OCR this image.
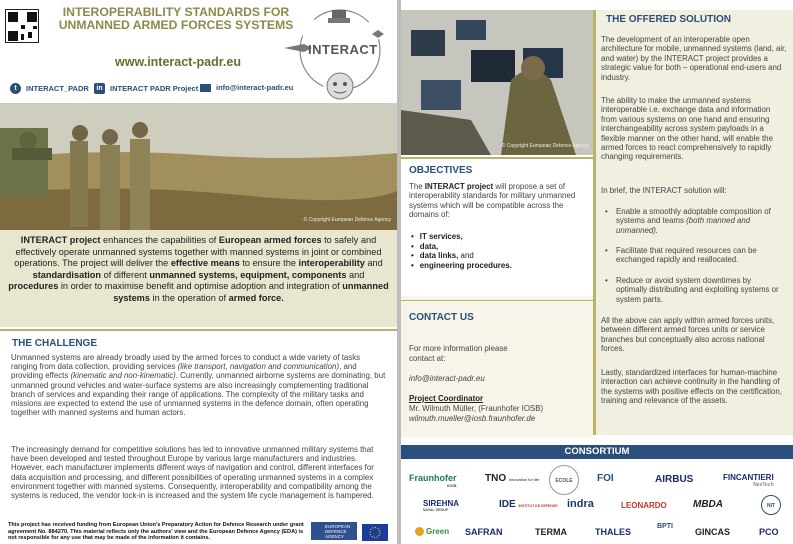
INTEROPERABILITY STANDARDS FOR UNMANNED ARMED FORCES SYSTEMS
www.interact-padr.eu
INTERACT
t	INTERACT_PADR	in INTERACT PADR Project info@interact-padr.eu
© Copyright European Defence Agency
INTERACT project enhances the capabilities of European armed forces to safely and effectively operate unmanned systems together with manned systems in joint or combined operations. The project will deliver the effective means to ensure the interoperability and standardisation of different unmanned systems, equipment, components and procedures in order to maximise benefit and optimise adoption and integration of unmanned systems in the operation of armed force.
THE CHALLENGE
Unmanned systems are already broadly used by the armed forces to conduct a wide variety of tasks ranging from data collection, providing services (like transport, navigation and communication), and providing effects (kinematic and non-kinematic). Currently, unmanned airborne systems are dominating, but unmanned ground vehicles and water-surface systems are also increasingly complementing traditional branch of services and expanding their range of applications. The complexity of the military tasks and missions are expected to extend the use of unmanned systems in the defence domain, often operating together with manned systems and human actors.
The increasingly demand for competitive solutions has led to innovative unmanned military systems that have been developed and tested throughout Europe by various large manufacturers and industries. However, each manufacturer implements different ways of navigation and control, different interfaces for data acquisition and processing, and different possibilities of operating unmanned systems in a complex environment together with manned systems. Consequently, interoperability and compatibility among the systems is reduced, the vendor lock-in is increased and the system life cycle management is hampered.
This project has received funding from European Union's Preparatory Action for Defence Research under grant agreement No. 884270. This material reflects only the authors' view and the European Defence Agency (EDA) is not responsible for any use that may be made of the information it contains.
EUROPEAN DEFENCE AGENCY
© Copyright European Defence Agency
OBJECTIVES
The INTERACT project will propose a set of interoperability standards for military unmanned systems which will be compatible across the domains of:
• IT services,
• data,
• data links, and
• engineering procedures.
CONTACT US
For more information please
contact at:
info@interact-padr.eu
Project Coordinator
Mr. Wilmuth Müller, (Fraunhofer IOSB)
wilmuth.mueller@iosb.fraunhofer.de
THE OFFERED SOLUTION
The development of an interoperable open architecture for mobile, unmanned systems (land, air, and water) by the INTERACT project provides a strategic value for both – operational end-users and industry.
The ability to make the unmanned systems interoperable i.e. exchange data and information from various systems on one hand and ensuring interchangeability across system payloads in a flexible manner on the other hand, will enable the armed forces to react comprehensively to rapidly changing requirements.
In brief, the INTERACT solution will:
• Enable a smoothly adoptable composition of systems and teams (both manned and unmanned).
• Facilitate that required resources can be exchanged rapidly and reallocated.
• Reduce or avoid system downtimes by optimally distributing and exploiting systems or system parts.
All the above can apply within armed forces units, between different armed forces units or service branches but conceptually also across national forces.
Lastly, standardized interfaces for human-machine interaction can achieve continuity in the handling of the systems with positive effects on the certification, training and relevance of the assets.
CONSORTIUM
Fraunhofer
IOSB
TNO innovation for life	ECOLE	FOI	AIRBUS	FINCANTIERI
NexTech
SIREHNA
NAVAL GROUP	IDE INSTITUT DE DEFENSE indra	LEONARDO	MBDA	NIT
Green SAFRAN	TERMA	THALES
BPTI
GINCAS	PCO
